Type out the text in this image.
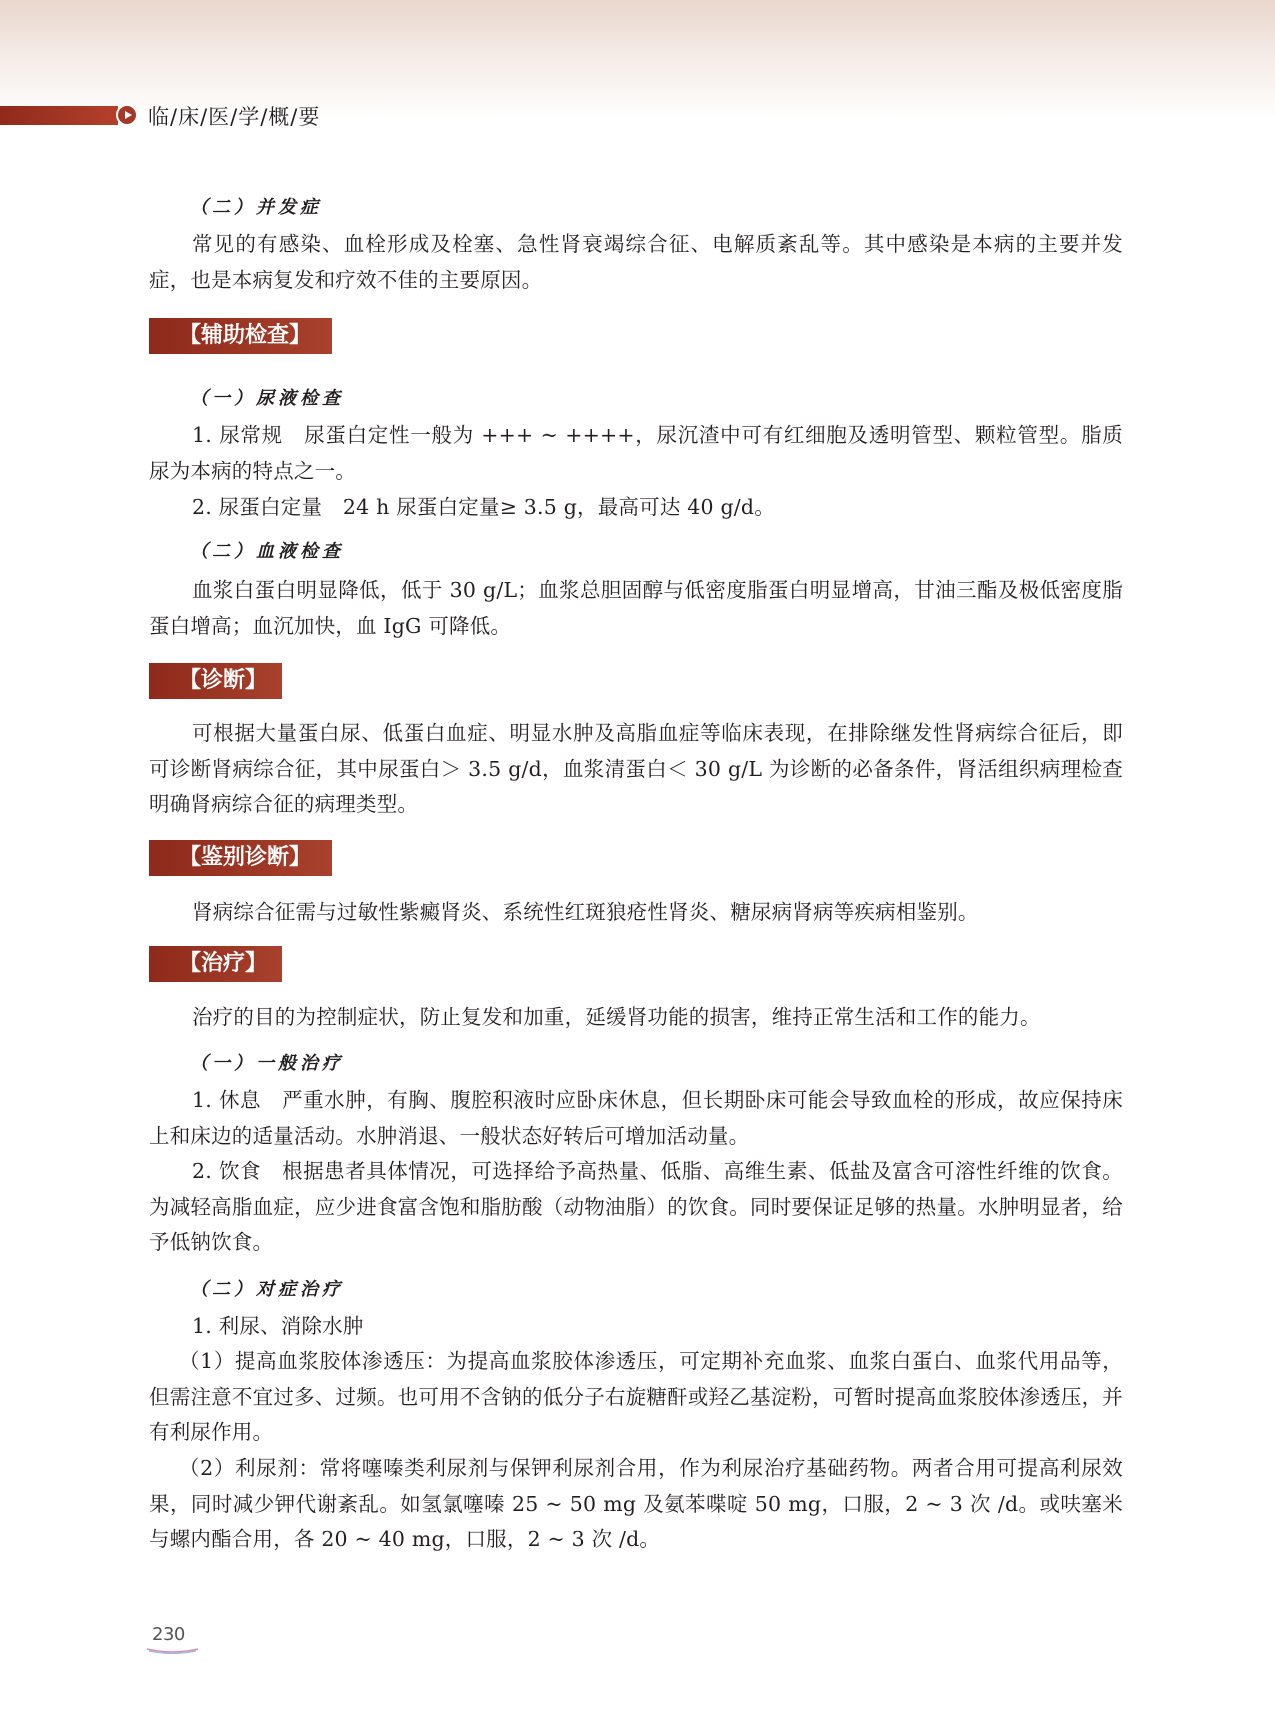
临/床/医/学/概/要
（二）并发症

常见的有感染、血栓形成及栓塞、急性肾衰竭综合征、电解质紊乱等。其中感染是本病的主要并发症，也是本病复发和疗效不佳的主要原因。

【辅助检查】
（一）尿液检查

1. 尿常规　尿蛋白定性一般为 +++ ~ ++++，尿沉渣中可有红细胞及透明管型、颗粒管型。脂质尿为本病的特点之一。

2. 尿蛋白定量　24 h 尿蛋白定量≥ 3.5 g，最高可达 40 g/d。

（二）血液检查

血浆白蛋白明显降低，低于 30 g/L；血浆总胆固醇与低密度脂蛋白明显增高，甘油三酯及极低密度脂蛋白增高；血沉加快，血 IgG 可降低。

【诊断】

可根据大量蛋白尿、低蛋白血症、明显水肿及高脂血症等临床表现，在排除继发性肾病综合征后，即可诊断肾病综合征，其中尿蛋白＞ 3.5 g/d，血浆清蛋白＜ 30 g/L 为诊断的必备条件，肾活组织病理检查明确肾病综合征的病理类型。

【鉴别诊断】

肾病综合征需与过敏性紫癜肾炎、系统性红斑狼疮性肾炎、糖尿病肾病等疾病相鉴别。

【治疗】

治疗的目的为控制症状，防止复发和加重，延缓肾功能的损害，维持正常生活和工作的能力。

（一）一般治疗

1. 休息　严重水肿，有胸、腹腔积液时应卧床休息，但长期卧床可能会导致血栓的形成，故应保持床上和床边的适量活动。水肿消退、一般状态好转后可增加活动量。

2. 饮食　根据患者具体情况，可选择给予高热量、低脂、高维生素、低盐及富含可溶性纤维的饮食。为减轻高脂血症，应少进食富含饱和脂肪酸（动物油脂）的饮食。同时要保证足够的热量。水肿明显者，给予低钠饮食。

（二）对症治疗

1. 利尿、消除水肿

（1）提高血浆胶体渗透压：为提高血浆胶体渗透压，可定期补充血浆、血浆白蛋白、血浆代用品等，但需注意不宜过多、过频。也可用不含钠的低分子右旋糖酐或羟乙基淀粉，可暂时提高血浆胶体渗透压，并有利尿作用。

（2）利尿剂：常将噻嗪类利尿剂与保钾利尿剂合用，作为利尿治疗基础药物。两者合用可提高利尿效果，同时减少钾代谢紊乱。如氢氯噻嗪 25 ~ 50 mg 及氨苯喋啶 50 mg，口服，2 ~ 3 次 /d。或呋塞米与螺内酯合用，各 20 ~ 40 mg，口服，2 ~ 3 次 /d。

230
